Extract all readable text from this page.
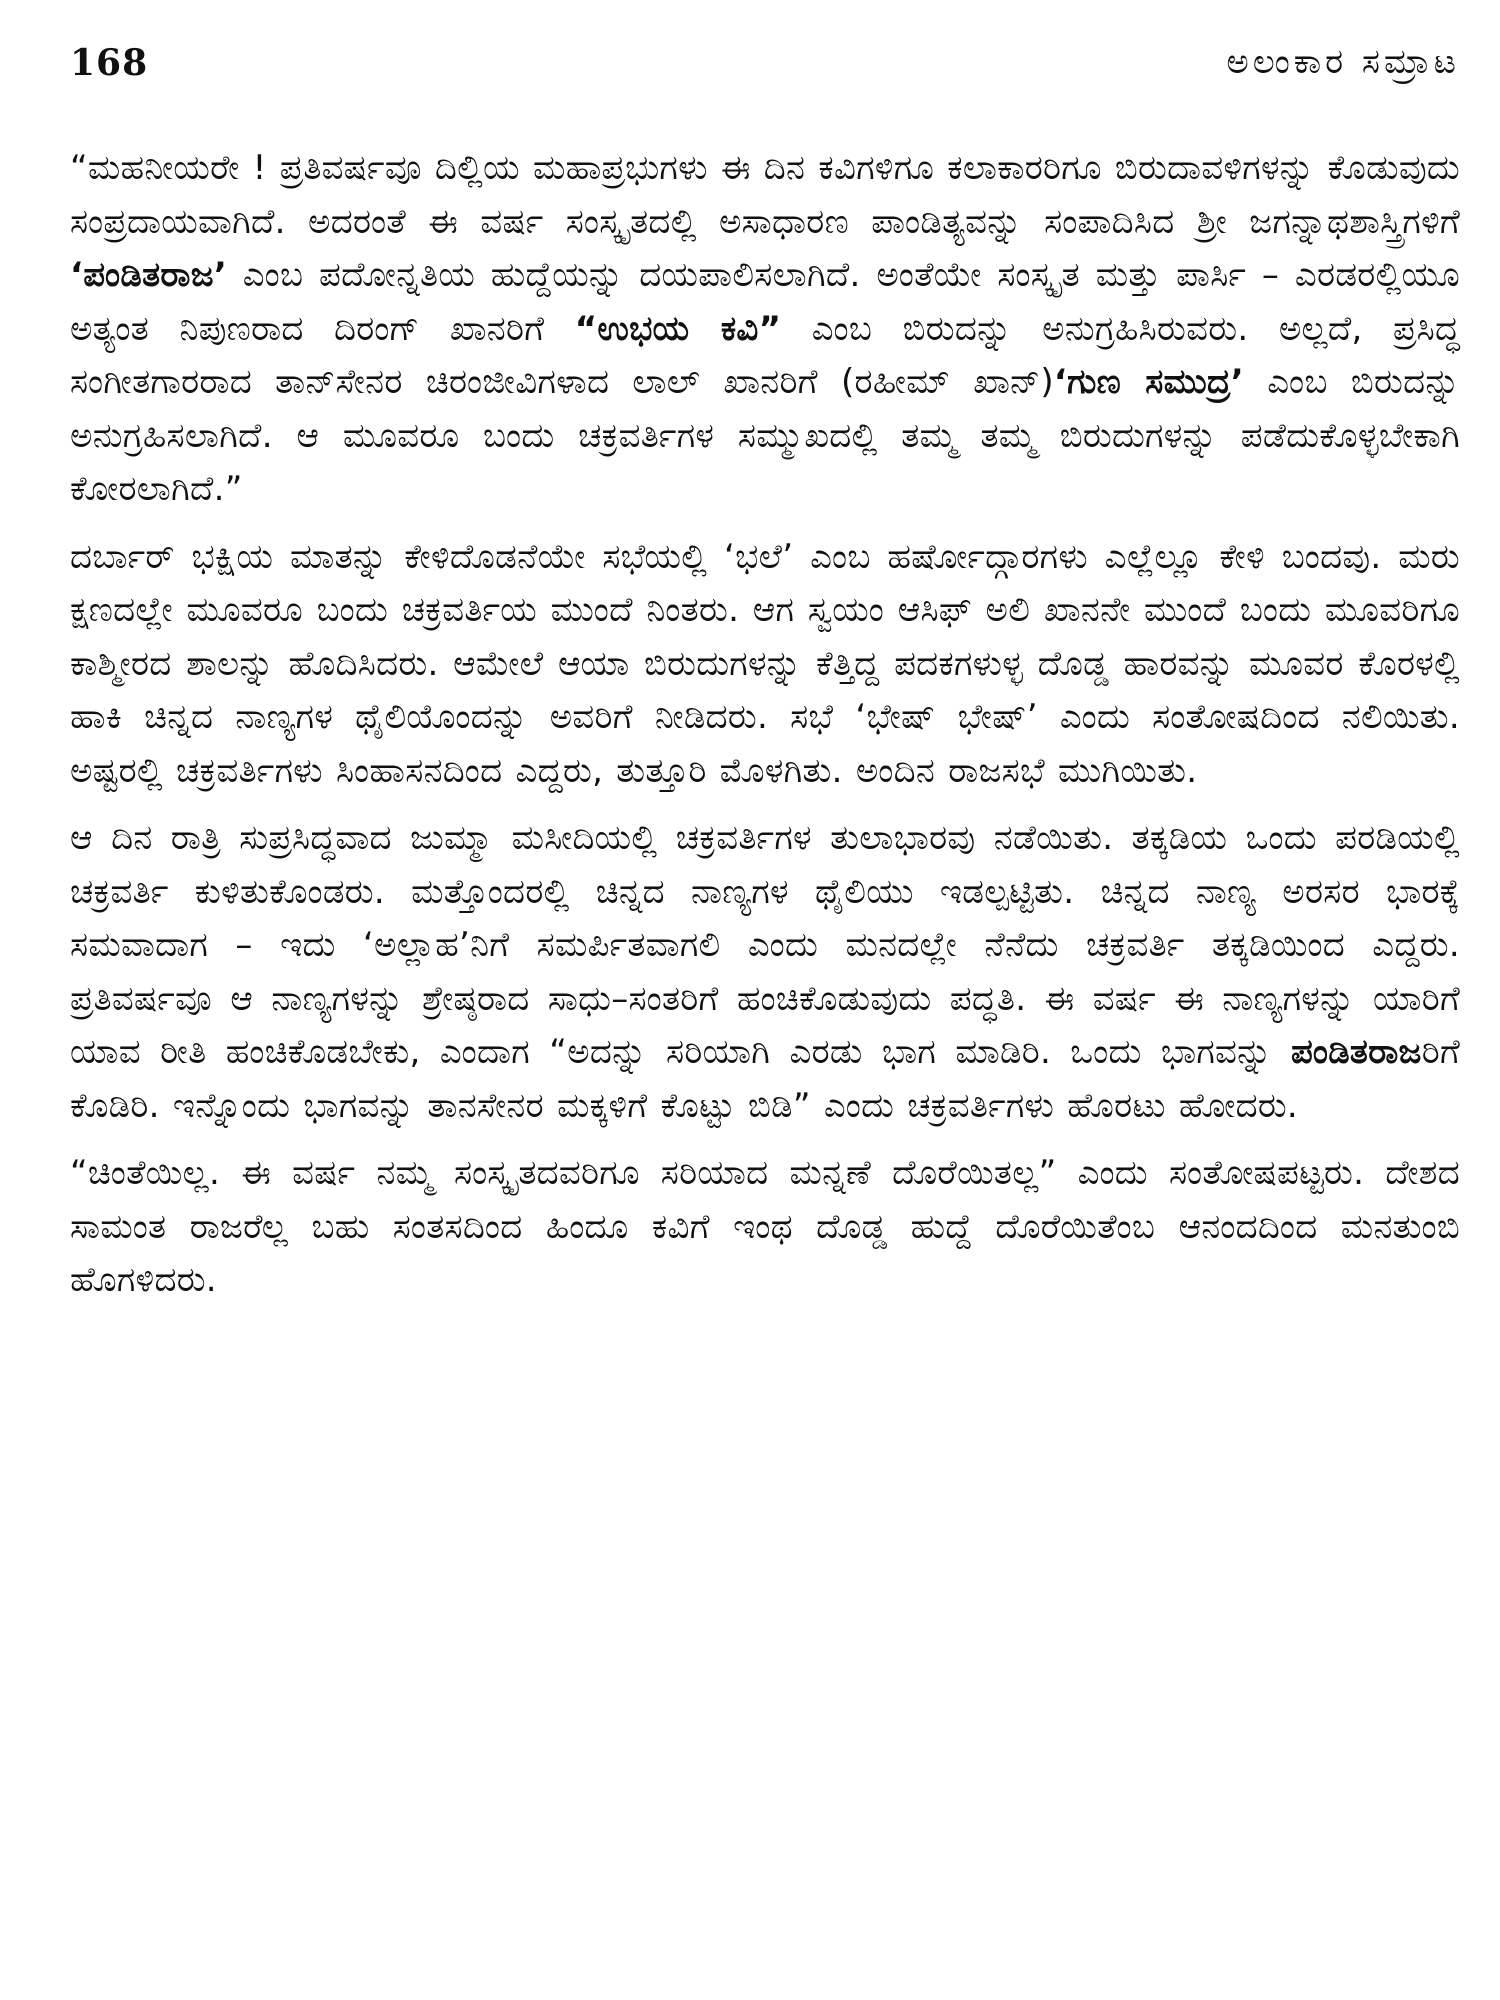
168	ಅಲಂಕಾರ ಸಮ್ರಾಟ

“ಮಹನೀಯರೇ ! ಪ್ರತಿವರ್ಷವೂ ದಿಲ್ಲಿಯ ಮಹಾಪ್ರಭುಗಳು ಈ ದಿನ ಕವಿಗಳಿಗೂ ಕಲಾಕಾರರಿಗೂ ಬಿರುದಾವಳಿಗಳನ್ನು ಕೊಡುವುದು ಸಂಪ್ರದಾಯವಾಗಿದೆ. ಅದರಂತೆ ಈ ವರ್ಷ ಸಂಸ್ಕೃತದಲ್ಲಿ ಅಸಾಧಾರಣ ಪಾಂಡಿತ್ಯವನ್ನು ಸಂಪಾದಿಸಿದ ಶ್ರೀ ಜಗನ್ನಾಥಶಾಸ್ತ್ರಿಗಳಿಗೆ ‘ಪಂಡಿತರಾಜ’ ಎಂಬ ಪದೋನ್ನತಿಯ ಹುದ್ದೆಯನ್ನು ದಯಪಾಲಿಸಲಾಗಿದೆ. ಅಂತೆಯೇ ಸಂಸ್ಕೃತ ಮತ್ತು ಪಾರ್ಸಿ – ಎರಡರಲ್ಲಿಯೂ ಅತ್ಯಂತ ನಿಪುಣರಾದ ದಿರಂಗ್ ಖಾನರಿಗೆ “ಉಭಯ ಕವಿ” ಎಂಬ ಬಿರುದನ್ನು ಅನುಗ್ರಹಿಸಿರುವರು. ಅಲ್ಲದೆ, ಪ್ರಸಿದ್ಧ ಸಂಗೀತಗಾರರಾದ ತಾನ್‌ಸೇನರ ಚಿರಂಜೀವಿಗಳಾದ ಲಾಲ್ ಖಾನರಿಗೆ (ರಹೀಮ್ ಖಾನ್)‘ಗುಣ ಸಮುದ್ರ’ ಎಂಬ ಬಿರುದನ್ನು ಅನುಗ್ರಹಿಸಲಾಗಿದೆ. ಆ ಮೂವರೂ ಬಂದು ಚಕ್ರವರ್ತಿಗಳ ಸಮ್ಮುಖದಲ್ಲಿ ತಮ್ಮ ತಮ್ಮ ಬಿರುದುಗಳನ್ನು ಪಡೆದುಕೊಳ್ಳಬೇಕಾಗಿ ಕೋರಲಾಗಿದೆ.”

ದರ್ಬಾರ್ ಭಕ್ಷಿಯ ಮಾತನ್ನು ಕೇಳಿದೊಡನೆಯೇ ಸಭೆಯಲ್ಲಿ ‘ಭಲೆ’ ಎಂಬ ಹರ್ಷೋದ್ಗಾರಗಳು ಎಲ್ಲೆಲ್ಲೂ ಕೇಳಿ ಬಂದವು. ಮರು ಕ್ಷಣದಲ್ಲೇ ಮೂವರೂ ಬಂದು ಚಕ್ರವರ್ತಿಯ ಮುಂದೆ ನಿಂತರು. ಆಗ ಸ್ವಯಂ ಆಸಿಫ್ ಅಲಿ ಖಾನನೇ ಮುಂದೆ ಬಂದು ಮೂವರಿಗೂ ಕಾಶ್ಮೀರದ ಶಾಲನ್ನು ಹೊದಿಸಿದರು. ಆಮೇಲೆ ಆಯಾ ಬಿರುದುಗಳನ್ನು ಕೆತ್ತಿದ್ದ ಪದಕಗಳುಳ್ಳ ದೊಡ್ಡ ಹಾರವನ್ನು ಮೂವರ ಕೊರಳಲ್ಲಿ ಹಾಕಿ ಚಿನ್ನದ ನಾಣ್ಯಗಳ ಥೈಲಿಯೊಂದನ್ನು ಅವರಿಗೆ ನೀಡಿದರು. ಸಭೆ ‘ಭೇಷ್ ಭೇಷ್’ ಎಂದು ಸಂತೋಷದಿಂದ ನಲಿಯಿತು. ಅಷ್ಟರಲ್ಲಿ ಚಕ್ರವರ್ತಿಗಳು ಸಿಂಹಾಸನದಿಂದ ಎದ್ದರು, ತುತ್ತೂರಿ ಮೊಳಗಿತು. ಅಂದಿನ ರಾಜಸಭೆ ಮುಗಿಯಿತು.

ಆ ದಿನ ರಾತ್ರಿ ಸುಪ್ರಸಿದ್ಧವಾದ ಜುಮ್ಮಾ ಮಸೀದಿಯಲ್ಲಿ ಚಕ್ರವರ್ತಿಗಳ ತುಲಾಭಾರವು ನಡೆಯಿತು. ತಕ್ಕಡಿಯ ಒಂದು ಪರಡಿಯಲ್ಲಿ ಚಕ್ರವರ್ತಿ ಕುಳಿತುಕೊಂಡರು. ಮತ್ತೊಂದರಲ್ಲಿ ಚಿನ್ನದ ನಾಣ್ಯಗಳ ಥೈಲಿಯು ಇಡಲ್ಪಟ್ಟಿತು. ಚಿನ್ನದ ನಾಣ್ಯ ಅರಸರ ಭಾರಕ್ಕೆ ಸಮವಾದಾಗ – ಇದು ‘ಅಲ್ಲಾಹ’ನಿಗೆ ಸಮರ್ಪಿತವಾಗಲಿ ಎಂದು ಮನದಲ್ಲೇ ನೆನೆದು ಚಕ್ರವರ್ತಿ ತಕ್ಕಡಿಯಿಂದ ಎದ್ದರು. ಪ್ರತಿವರ್ಷವೂ ಆ ನಾಣ್ಯಗಳನ್ನು ಶ್ರೇಷ್ಠರಾದ ಸಾಧು–ಸಂತರಿಗೆ ಹಂಚಿಕೊಡುವುದು ಪದ್ಧತಿ. ಈ ವರ್ಷ ಈ ನಾಣ್ಯಗಳನ್ನು ಯಾರಿಗೆ ಯಾವ ರೀತಿ ಹಂಚಿಕೊಡಬೇಕು, ಎಂದಾಗ “ಅದನ್ನು ಸರಿಯಾಗಿ ಎರಡು ಭಾಗ ಮಾಡಿರಿ. ಒಂದು ಭಾಗವನ್ನು ಪಂಡಿತರಾಜರಿಗೆ ಕೊಡಿರಿ. ಇನ್ನೊಂದು ಭಾಗವನ್ನು ತಾನಸೇನರ ಮಕ್ಕಳಿಗೆ ಕೊಟ್ಟು ಬಿಡಿ” ಎಂದು ಚಕ್ರವರ್ತಿಗಳು ಹೊರಟು ಹೋದರು.

“ಚಿಂತೆಯಿಲ್ಲ. ಈ ವರ್ಷ ನಮ್ಮ ಸಂಸ್ಕೃತದವರಿಗೂ ಸರಿಯಾದ ಮನ್ನಣೆ ದೊರೆಯಿತಲ್ಲ” ಎಂದು ಸಂತೋಷಪಟ್ಟರು. ದೇಶದ ಸಾಮಂತ ರಾಜರೆಲ್ಲ ಬಹು ಸಂತಸದಿಂದ ಹಿಂದೂ ಕವಿಗೆ ಇಂಥ ದೊಡ್ಡ ಹುದ್ದೆ ದೊರೆಯಿತೆಂಬ ಆನಂದದಿಂದ ಮನತುಂಬಿ ಹೊಗಳಿದರು.
